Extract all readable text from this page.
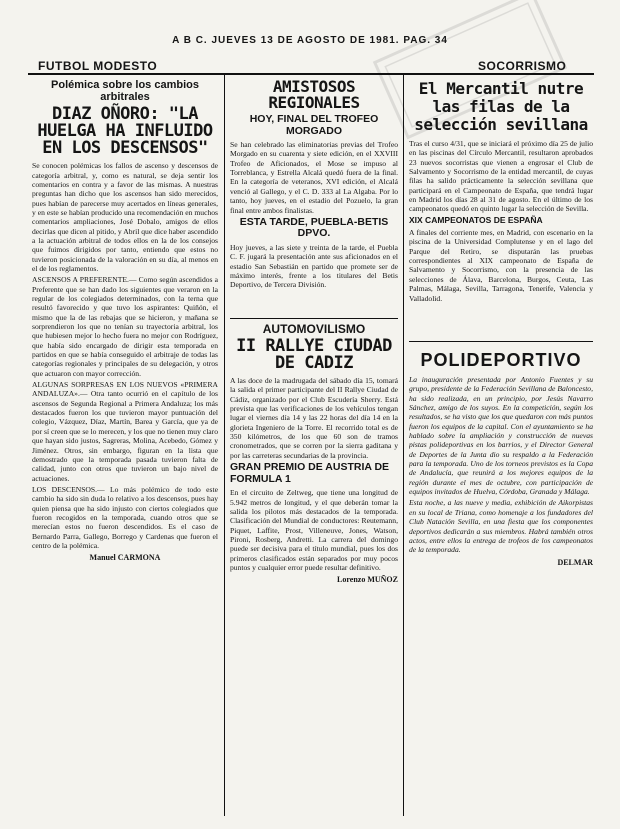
A B C. JUEVES 13 DE AGOSTO DE 1981. PAG. 34
FUTBOL MODESTO	SOCORRISMO
Polémica sobre los cambios arbitrales
DIAZ OÑORO: "LA HUELGA HA INFLUIDO EN LOS DESCENSOS"

Se conocen polémicas los fallos de ascenso y descensos de categoría arbitral, y, como es natural, se deja sentir los comentarios en contra y a favor de las mismas. A nuestras preguntas han dicho que los ascensos han sido merecidos, pues habían de parecerse muy acertados en líneas generales, y en este se habían producido una recomendación en muchos comentarios ampliaciones, José Dobalo, amigos de ellos decirlas que dicen al pitido, y Abril que dice haber ascendido a la actuación arbitral de todos ellos en la de los consejos que fuimos dirigidos por tanto, entiendo que estos no tuvieron posicionada de la valoración en su día, al menos en el de los reglamentos.

ASCENSOS A PREFERENTE.— Como según ascendidos a Preferente que se han dado los siguientes que veraron en la regular de los colegiados determinados, con la terna que resultó favorecido y que tuvo los aspirantes: Quiñón, el mismo que la de las rebajas que se hicieron, y mañana se sorprendieron los que no tenían su trayectoria arbitral, los que hubiesen mejor lo hecho fuera no mejor con Rodríguez, que había sido encargado de dirigir esta temporada en partidos en que se había conseguido el arbitraje de todas las categorías regionales y principales de su delegación, y otros que actuaron con mayor corrección.

ALGUNAS SORPRESAS EN LOS NUEVOS «PRIMERA ANDALUZA».— Otra tanto ocurrió en el capítulo de los ascensos de Segunda Regional a Primera Andaluza; los más destacados fueron los que tuvieron mayor puntuación del colegio, Vázquez, Díaz, Martín, Barea y García, que ya de por sí creen que se lo merecen, y los que no tienen muy claro que hayan sido justos, Sagreras, Molina, Acebedo, Gómez y Jiménez. Otros, sin embargo, figuran en la lista que demostrado que la temporada pasada tuvieron falta de calidad, junto con otros que tuvieron un bajo nivel de actuaciones.

LOS DESCENSOS.— Lo más polémico de todo este cambio ha sido sin duda lo relativo a los descensos, pues hay quien piensa que ha sido injusto con ciertos colegiados que fueron recogidos en la temporada, cuando otros que se merecían estos no fueron descendidos. Es el caso de Bernardo Parra, Gallego, Borrego y Cardenas que fueron el centro de la polémica.

Manuel CARMONA
AMISTOSOS REGIONALES
HOY, FINAL DEL TROFEO MORGADO

Se han celebrado las eliminatorias previas del Trofeo Morgado en su cuarenta y siete edición, en el XXVIII Trofeo de Aficionados, el Mose se impuso al Torreblanca, y Estrella Alcalá quedó fuera de la final. En la categoría de veteranos, XVI edición, el Alcalá venció al Gallego, y el C. D. 333 al La Algaba. Por lo tanto, hoy jueves, en el estadio del Pozuelo, la gran final entre ambos finalistas.

ESTA TARDE, PUEBLA-BETIS DPVO.

Hoy jueves, a las siete y treinta de la tarde, el Puebla C. F. jugará la presentación ante sus aficionados en el estadio San Sebastián en partido que promete ser de máximo interés, frente a los titulares del Betis Deportivo, de Tercera División.

AUTOMOVILISMO
II RALLYE CIUDAD DE CADIZ

A las doce de la madrugada del sábado día 15, tomará la salida el primer participante del II Rallye Ciudad de Cádiz, organizado por el Club Escudería Sherry. Está prevista que las verificaciones de los vehículos tengan lugar el viernes día 14 y las 22 horas del día 14 en la glorieta Ingeniero de la Torre. El recorrido total es de 350 kilómetros, de los que 60 son de tramos cronometrados, que se corren por la sierra gaditana y por las carreteras secundarias de la provincia.

GRAN PREMIO DE AUSTRIA DE FORMULA 1

En el circuito de Zeltweg, que tiene una longitud de 5.942 metros de longitud, y el que deberán tomar la salida los pilotos más destacados de la temporada. Clasificación del Mundial de conductores: Reutemann, Piquet, Laffite, Prost, Villeneuve, Jones, Watson, Pironi, Rosberg, Andretti. La carrera del domingo puede ser decisiva para el título mundial, pues los dos primeros clasificados están separados por muy pocos puntos y cualquier error puede resultar definitivo.

Lorenzo MUÑOZ
El Mercantil nutre las filas de la selección sevillana

Tras el curso 4/31, que se iniciará el próximo día 25 de julio en las piscinas del Círculo Mercantil, resultaron aprobados 23 nuevos socorristas que vienen a engrosar el Club de Salvamento y Socorrismo de la entidad mercantil, de cuyas filas ha salido prácticamente la selección sevillana que participará en el Campeonato de España, que tendrá lugar en Madrid los días 28 al 31 de agosto. En el último de los campeonatos quedó en quinto lugar la selección de Sevilla.

XIX CAMPEONATOS DE ESPAÑA

A finales del corriente mes, en Madrid, con escenario en la piscina de la Universidad Complutense y en el lago del Parque del Retiro, se disputarán las pruebas correspondientes al XIX campeonato de España de Salvamento y Socorrismo, con la presencia de las selecciones de Álava, Barcelona, Burgos, Ceuta, Las Palmas, Málaga, Sevilla, Tarragona, Tenerife, Valencia y Valladolid.

POLIDEPORTIVO

La inauguración presentada por Antonio Fuentes y su grupo, presidente de la Federación Sevillana de Baloncesto, ha sido realizada, en un principio, por Jesús Navarro Sánchez, amigo de los suyos. En la competición, según los resultados, se ha visto que los que quedaron con más puntos fueron los equipos de la capital. Con el ayuntamiento se ha hablado sobre la ampliación y construcción de nuevas pistas polideportivas en los barrios, y el Director General de Deportes de la Junta dio su respaldo a la Federación para la temporada. Uno de los torneos previstos es la Copa de Andalucía, que reunirá a los mejores equipos de la región durante el mes de octubre, con participación de equipos invitados de Huelva, Córdoba, Granada y Málaga.

Esta noche, a las nueve y media, exhibición de Aikorpistas en su local de Triana, como homenaje a los fundadores del Club Natación Sevilla, en una fiesta que los componentes deportivos dedicarán a sus miembros. Habrá también otros actos, entre ellos la entrega de trofeos de los campeonatos de la temporada.

DELMAR
